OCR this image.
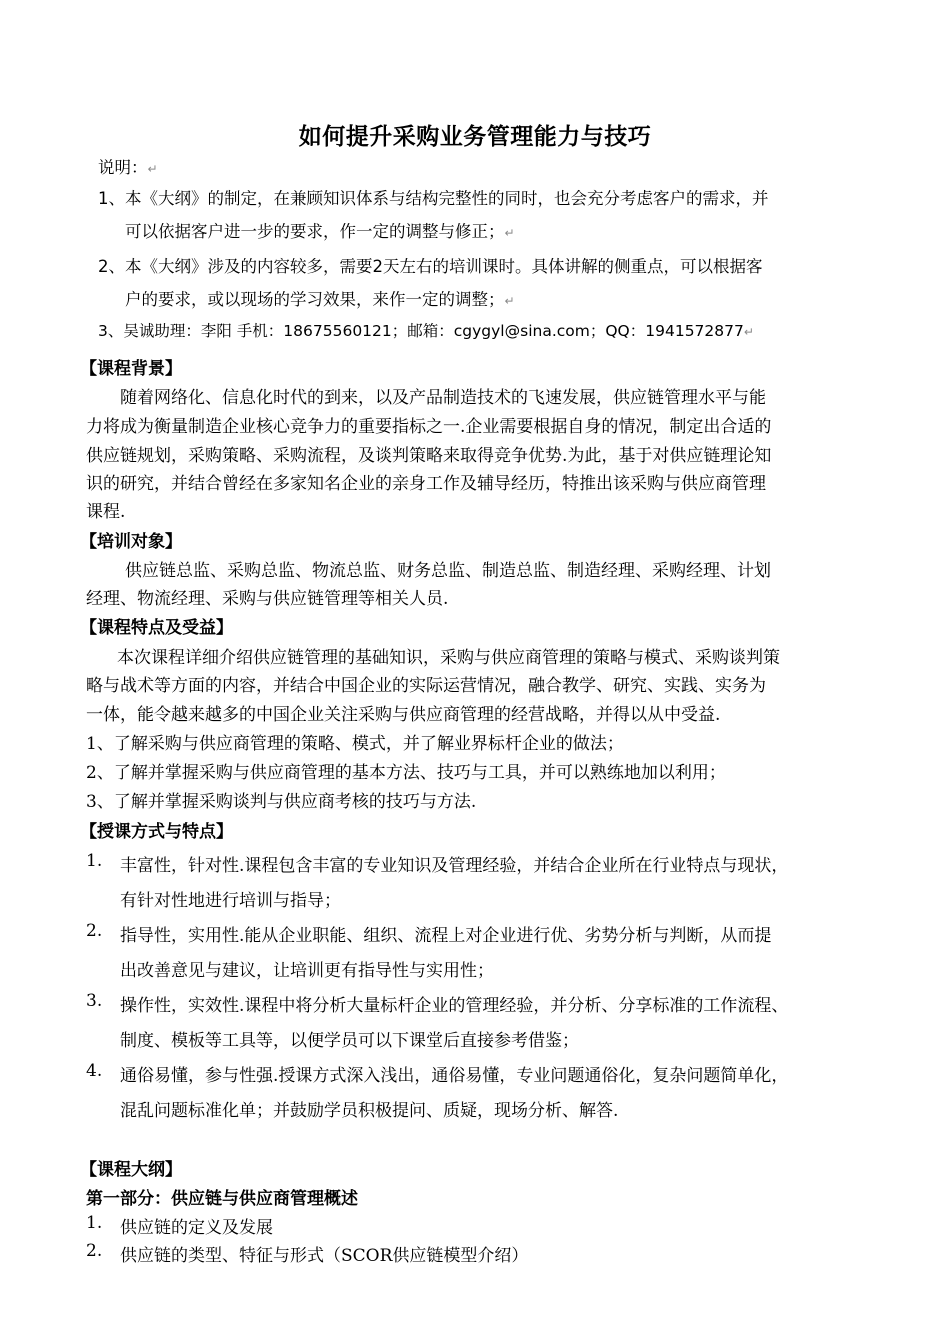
如何提升采购业务管理能力与技巧
说明：↵
1、本《大纲》的制定，在兼顾知识体系与结构完整性的同时，也会充分考虑客户的需求，并
可以依据客户进一步的要求，作一定的调整与修正；↵
2、本《大纲》涉及的内容较多，需要2天左右的培训课时。具体讲解的侧重点，可以根据客
户的要求，或以现场的学习效果，来作一定的调整；↵
3、吴诚助理：李阳 手机：18675560121；邮箱：cgygyl@sina.com；QQ：1941572877↵
【课程背景】
随着网络化、信息化时代的到来，以及产品制造技术的飞速发展，供应链管理水平与能
力将成为衡量制造企业核心竞争力的重要指标之一.企业需要根据自身的情况，制定出合适的
供应链规划，采购策略、采购流程，及谈判策略来取得竞争优势.为此，基于对供应链理论知
识的研究，并结合曾经在多家知名企业的亲身工作及辅导经历，特推出该采购与供应商管理
课程.
【培训对象】
供应链总监、采购总监、物流总监、财务总监、制造总监、制造经理、采购经理、计划
经理、物流经理、采购与供应链管理等相关人员.
【课程特点及受益】
本次课程详细介绍供应链管理的基础知识，采购与供应商管理的策略与模式、采购谈判策
略与战术等方面的内容，并结合中国企业的实际运营情况，融合教学、研究、实践、实务为
一体，能令越来越多的中国企业关注采购与供应商管理的经营战略，并得以从中受益.
1、了解采购与供应商管理的策略、模式，并了解业界标杆企业的做法；
2、了解并掌握采购与供应商管理的基本方法、技巧与工具，并可以熟练地加以利用；
3、了解并掌握采购谈判与供应商考核的技巧与方法.
【授课方式与特点】
1. 丰富性，针对性.课程包含丰富的专业知识及管理经验，并结合企业所在行业特点与现状，
有针对性地进行培训与指导；
2. 指导性，实用性.能从企业职能、组织、流程上对企业进行优、劣势分析与判断，从而提
出改善意见与建议，让培训更有指导性与实用性；
3. 操作性，实效性.课程中将分析大量标杆企业的管理经验，并分析、分享标准的工作流程、
制度、模板等工具等，以便学员可以下课堂后直接参考借鉴；
4. 通俗易懂，参与性强.授课方式深入浅出，通俗易懂，专业问题通俗化，复杂问题简单化，
混乱问题标准化单；并鼓励学员积极提问、质疑，现场分析、解答.
【课程大纲】
第一部分：供应链与供应商管理概述
1. 供应链的定义及发展
2. 供应链的类型、特征与形式（SCOR供应链模型介绍）
